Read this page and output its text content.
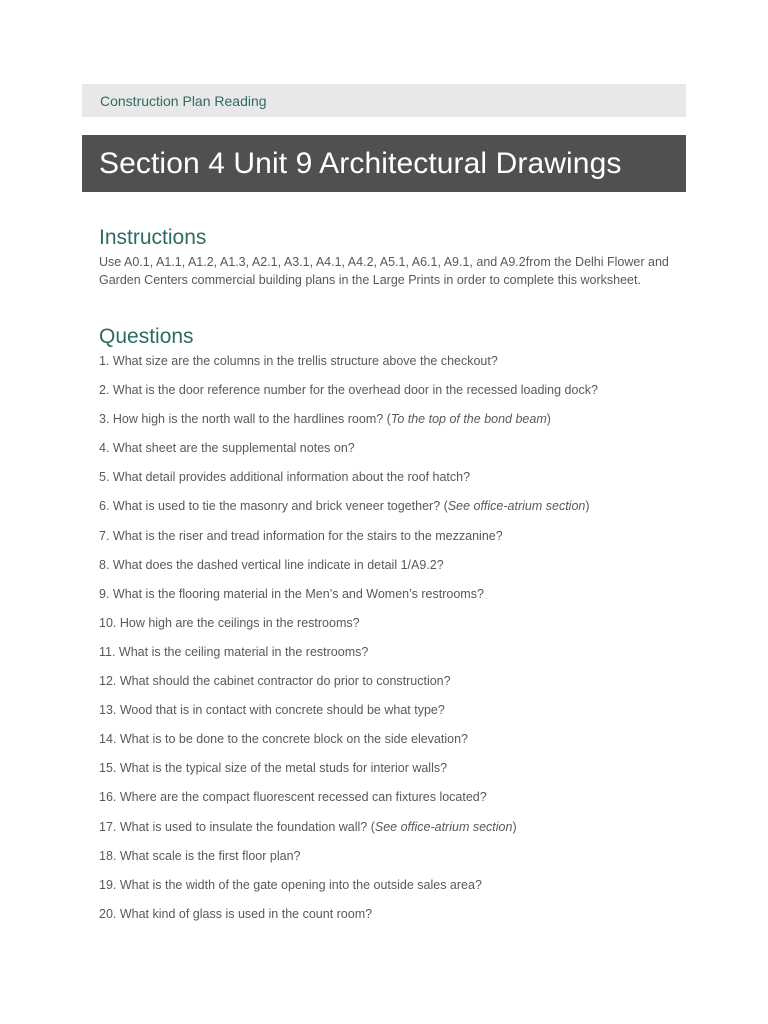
Construction Plan Reading
Section 4 Unit 9 Architectural Drawings
Instructions

Use A0.1, A1.1, A1.2, A1.3, A2.1, A3.1, A4.1, A4.2, A5.1, A6.1, A9.1, and A9.2from the Delhi Flower and
Garden Centers commercial building plans in the Large Prints in order to complete this worksheet.

Questions
1. What size are the columns in the trellis structure above the checkout?
2. What is the door reference number for the overhead door in the recessed loading dock?
3. How high is the north wall to the hardlines room? (To the top of the bond beam)
4. What sheet are the supplemental notes on?
5. What detail provides additional information about the roof hatch?
6. What is used to tie the masonry and brick veneer together? (See office-atrium section)
7. What is the riser and tread information for the stairs to the mezzanine?
8. What does the dashed vertical line indicate in detail 1/A9.2?
9. What is the flooring material in the Men’s and Women’s restrooms?
10. How high are the ceilings in the restrooms?
11. What is the ceiling material in the restrooms?
12. What should the cabinet contractor do prior to construction?
13. Wood that is in contact with concrete should be what type?
14. What is to be done to the concrete block on the side elevation?
15. What is the typical size of the metal studs for interior walls?
16. Where are the compact fluorescent recessed can fixtures located?
17. What is used to insulate the foundation wall? (See office-atrium section)
18. What scale is the first floor plan?
19. What is the width of the gate opening into the outside sales area?
20. What kind of glass is used in the count room?
